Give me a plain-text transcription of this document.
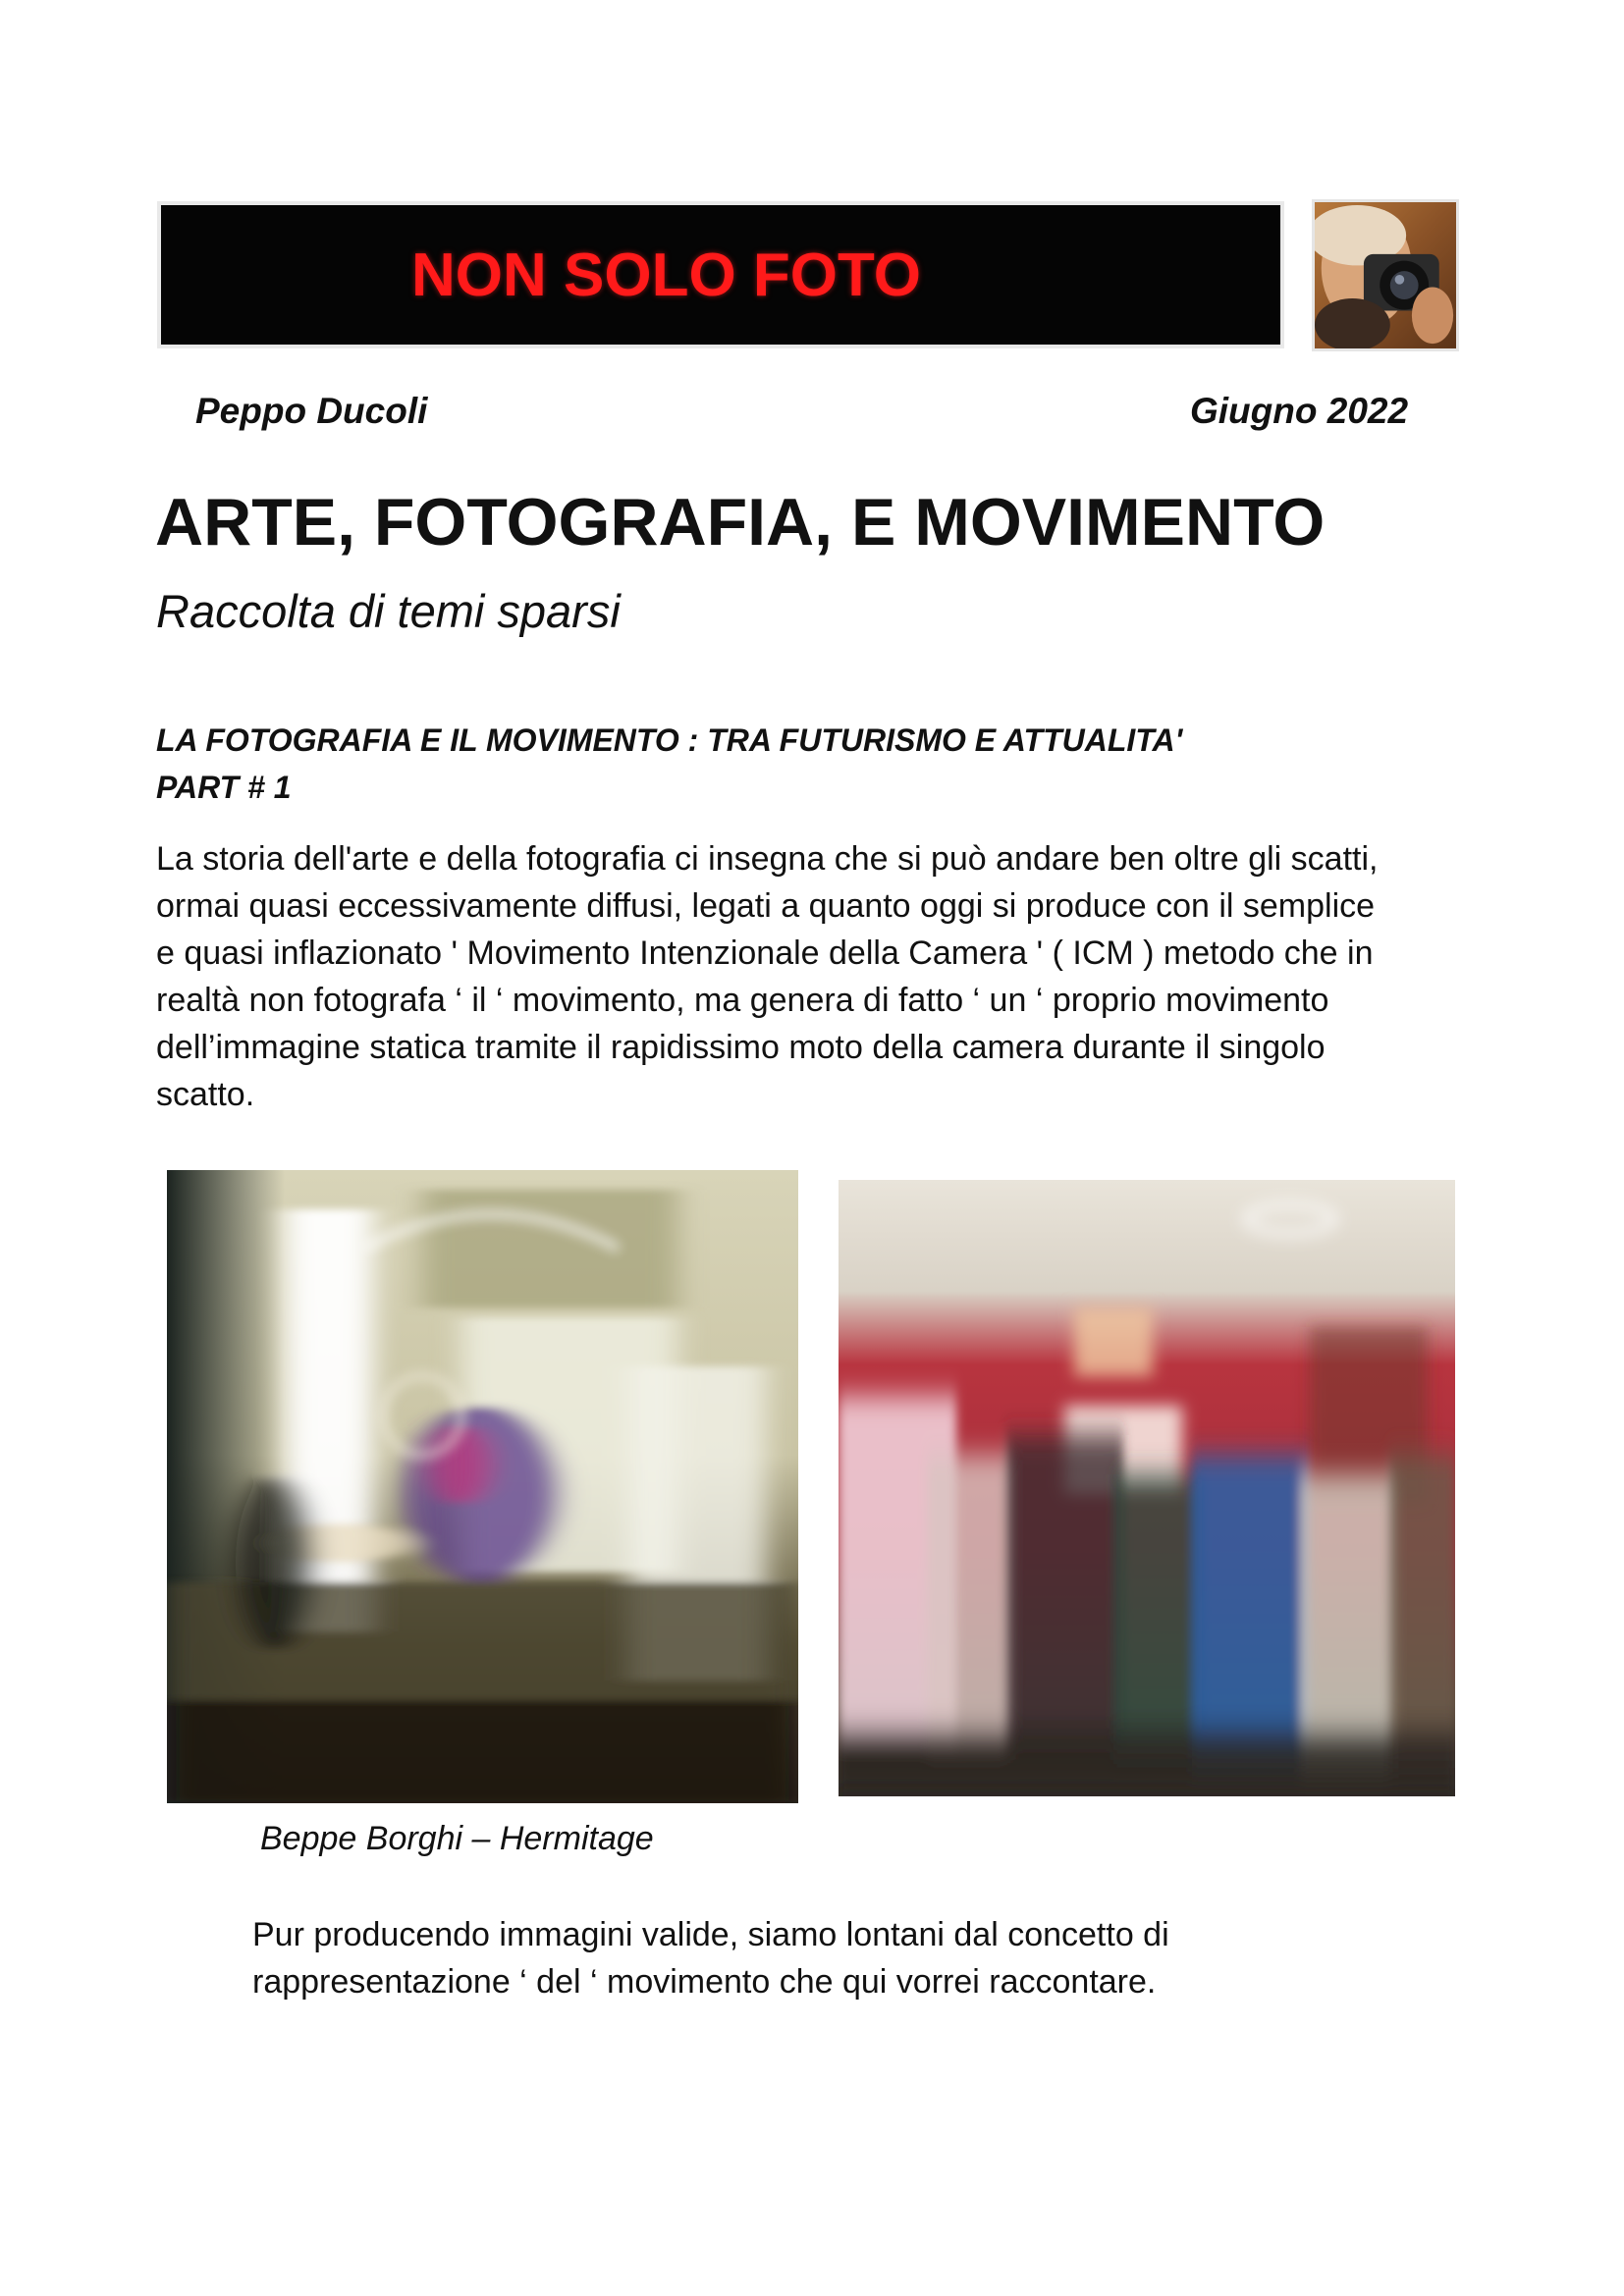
NON SOLO FOTO
Peppo Ducoli	Giugno 2022
ARTE, FOTOGRAFIA, E MOVIMENTO
Raccolta di temi sparsi
LA FOTOGRAFIA E IL MOVIMENTO : TRA FUTURISMO E ATTUALITA'
PART # 1
La storia dell'arte e della fotografia ci insegna che si può andare ben oltre gli scatti,
ormai quasi eccessivamente diffusi, legati a quanto oggi si produce con il semplice
e quasi inflazionato ' Movimento Intenzionale della Camera ' ( ICM ) metodo che in
realtà non fotografa ‘ il ‘ movimento, ma genera di fatto ‘ un ‘ proprio movimento
dell’immagine statica tramite il rapidissimo moto della camera durante il singolo
scatto.
Beppe Borghi – Hermitage
Pur producendo immagini valide, siamo lontani dal concetto di
rappresentazione ‘ del ‘ movimento che qui vorrei raccontare.
